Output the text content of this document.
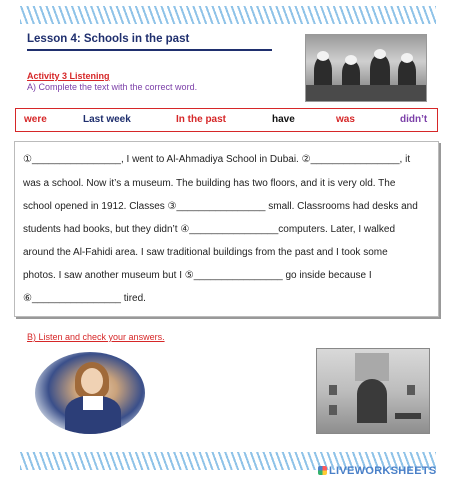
Lesson 4: Schools in the past
Activity 3 Listening
A) Complete the text with the correct word.
were	Last week	In the past	have	was	didn’t
①________________, I went to Al-Ahmadiya School in Dubai. ②________________, it
was a school. Now it’s a museum. The building has two floors, and it is very old. The
school opened in 1912. Classes ③________________ small. Classrooms had desks and
students had books, but they didn’t ④________________computers. Later, I walked
around the Al-Fahidi area. I saw traditional buildings from the past and I took some
photos. I saw another museum but I ⑤________________ go inside because I
⑥________________ tired.
B) Listen and check your answers.
LIVEWORKSHEETS
